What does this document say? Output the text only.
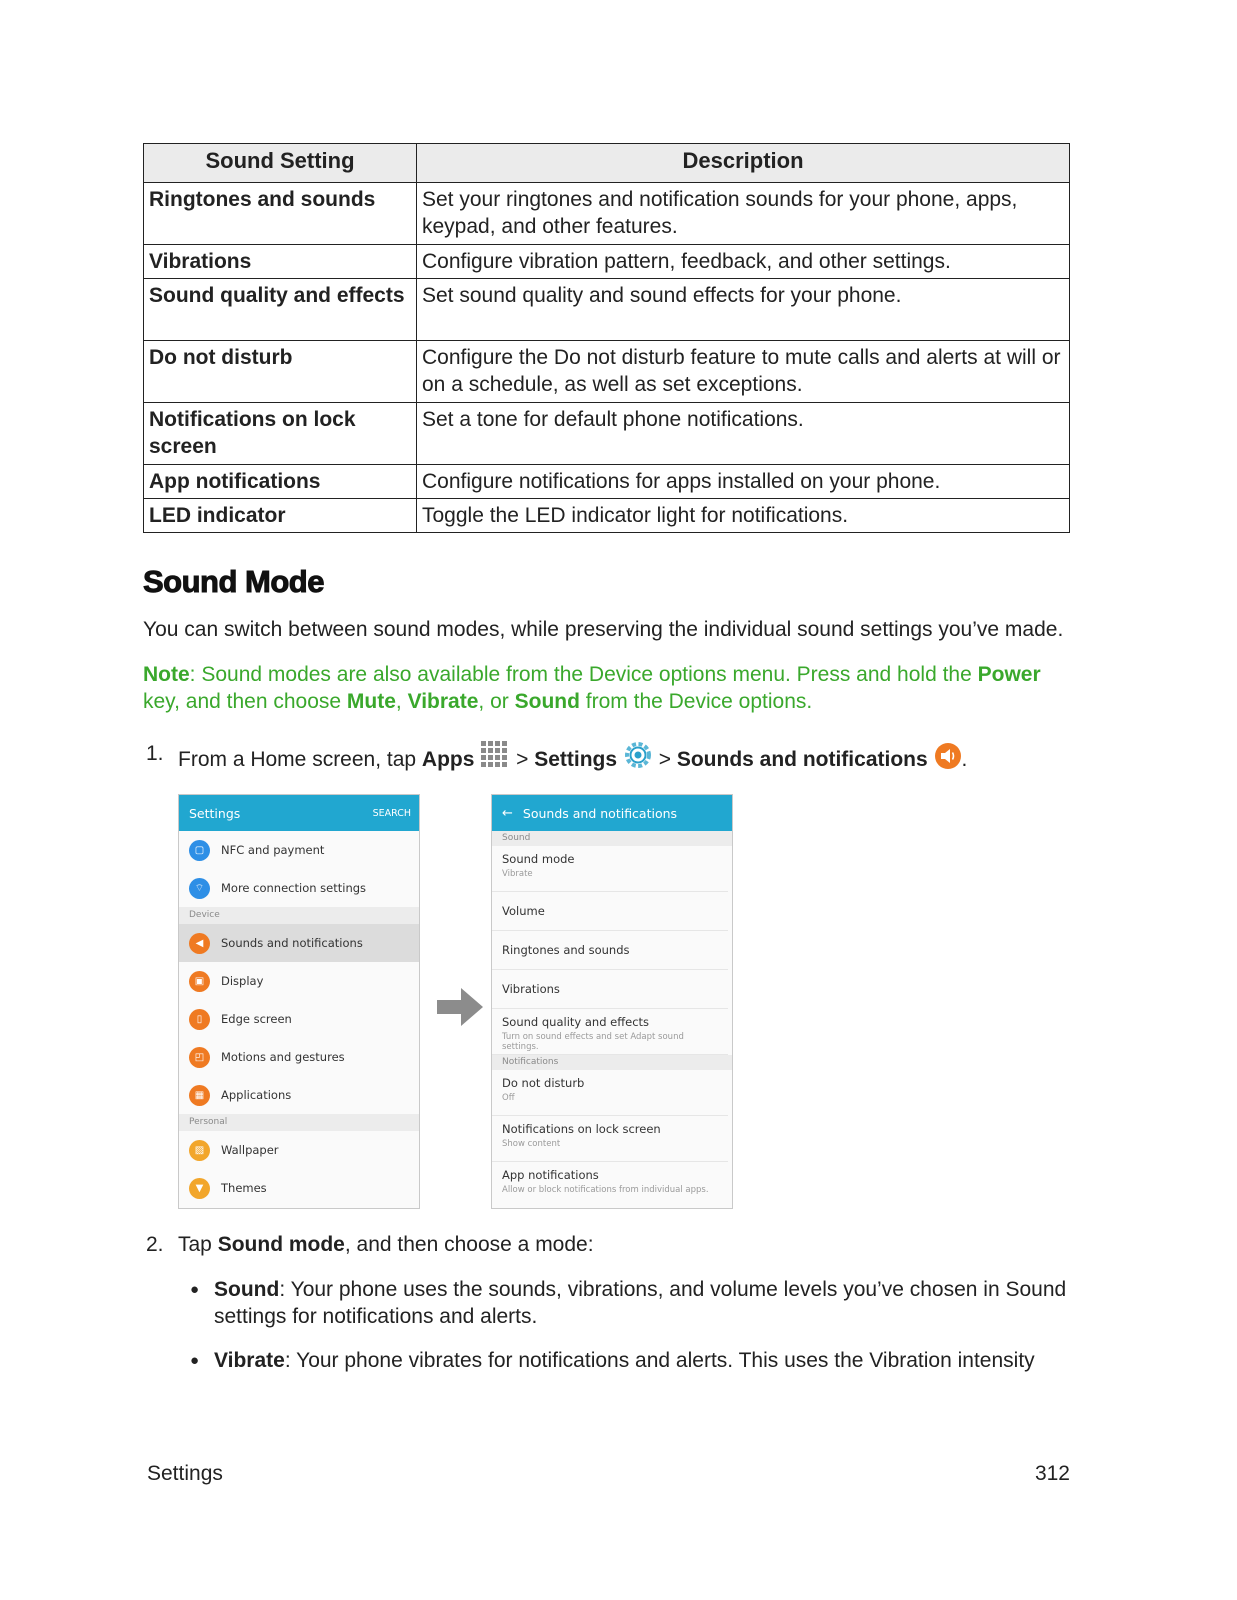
Sound Setting	Description
Ringtones and sounds	Set your ringtones and notification sounds for your phone, apps, keypad, and other features.
Vibrations	Configure vibration pattern, feedback, and other settings.
Sound quality and effects	Set sound quality and sound effects for your phone.
Do not disturb	Configure the Do not disturb feature to mute calls and alerts at will or on a schedule, as well as set exceptions.
Notifications on lock screen	Set a tone for default phone notifications.
App notifications	Configure notifications for apps installed on your phone.
LED indicator	Toggle the LED indicator light for notifications.
Sound Mode
You can switch between sound modes, while preserving the individual sound settings you’ve made.
Note: Sound modes are also available from the Device options menu. Press and hold the Power key, and then choose Mute, Vibrate, or Sound from the Device options.
1. From a Home screen, tap Apps  > Settings  > Sounds and notifications .
Settings	SEARCH
▢	NFC and payment
⌔	More connection settings
Device
◀	Sounds and notifications
▣	Display
▯	Edge screen
◰	Motions and gestures
▦	Applications
Personal
▨	Wallpaper
▼	Themes
← Sounds and notifications
Sound
Sound mode
Vibrate
Volume
Ringtones and sounds
Vibrations
Sound quality and effects
Turn on sound effects and set Adapt sound settings.
Notifications
Do not disturb
Off
Notifications on lock screen
Show content
App notifications
Allow or block notifications from individual apps.
2. Tap Sound mode, and then choose a mode:
● Sound: Your phone uses the sounds, vibrations, and volume levels you’ve chosen in Sound settings for notifications and alerts.
● Vibrate: Your phone vibrates for notifications and alerts. This uses the Vibration intensity
Settings	312
